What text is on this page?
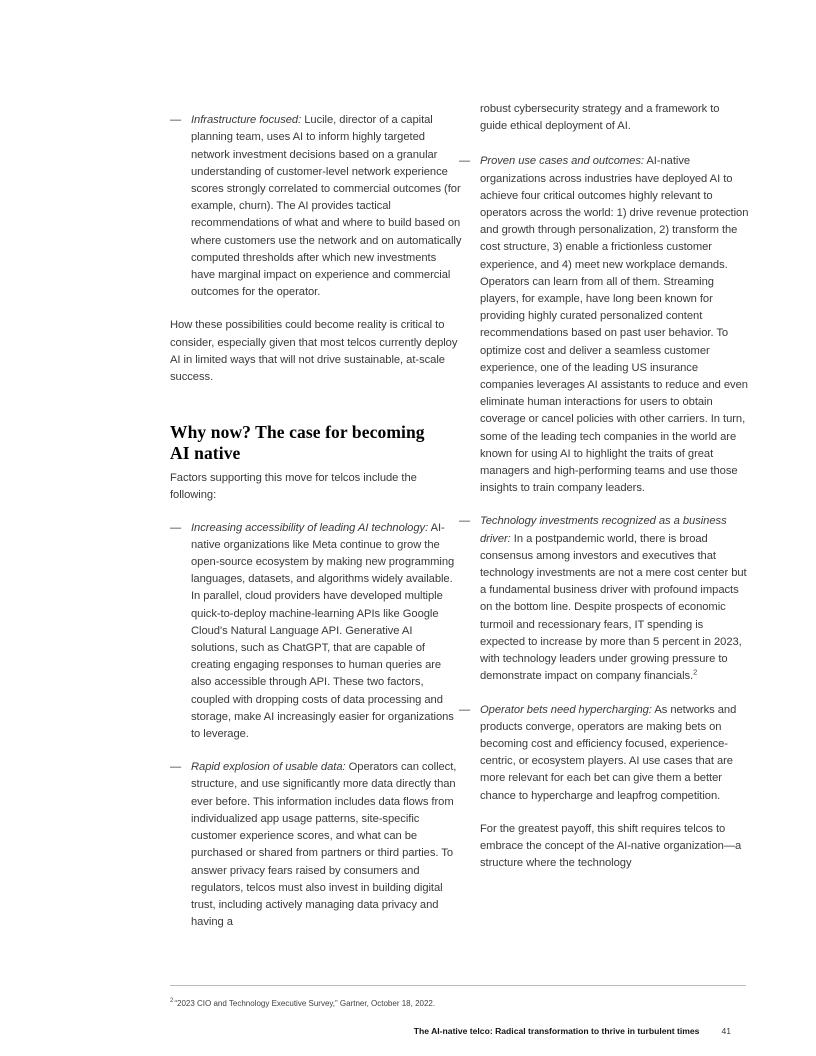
— Infrastructure focused: Lucile, director of a capital planning team, uses AI to inform highly targeted network investment decisions based on a granular understanding of customer-level network experience scores strongly correlated to commercial outcomes (for example, churn). The AI provides tactical recommendations of what and where to build based on where customers use the network and on automatically computed thresholds after which new investments have marginal impact on experience and commercial outcomes for the operator.

How these possibilities could become reality is critical to consider, especially given that most telcos currently deploy AI in limited ways that will not drive sustainable, at-scale success.

Why now? The case for becoming
AI native

Factors supporting this move for telcos include the following:

— Increasing accessibility of leading AI technology: AI-native organizations like Meta continue to grow the open-source ecosystem by making new programming languages, datasets, and algorithms widely available. In parallel, cloud providers have developed multiple quick-to-deploy machine-learning APIs like Google Cloud's Natural Language API. Generative AI solutions, such as ChatGPT, that are capable of creating engaging responses to human queries are also accessible through API. These two factors, coupled with dropping costs of data processing and storage, make AI increasingly easier for organizations to leverage.

— Rapid explosion of usable data: Operators can collect, structure, and use significantly more data directly than ever before. This information includes data flows from individualized app usage patterns, site-specific customer experience scores, and what can be purchased or shared from partners or third parties. To answer privacy fears raised by consumers and regulators, telcos must also invest in building digital trust, including actively managing data privacy and having a

robust cybersecurity strategy and a framework to guide ethical deployment of AI.

— Proven use cases and outcomes: AI-native organizations across industries have deployed AI to achieve four critical outcomes highly relevant to operators across the world: 1) drive revenue protection and growth through personalization, 2) transform the cost structure, 3) enable a frictionless customer experience, and 4) meet new workplace demands. Operators can learn from all of them. Streaming players, for example, have long been known for providing highly curated personalized content recommendations based on past user behavior. To optimize cost and deliver a seamless customer experience, one of the leading US insurance companies leverages AI assistants to reduce and even eliminate human interactions for users to obtain coverage or cancel policies with other carriers. In turn, some of the leading tech companies in the world are known for using AI to highlight the traits of great managers and high-performing teams and use those insights to train company leaders.

— Technology investments recognized as a business driver: In a postpandemic world, there is broad consensus among investors and executives that technology investments are not a mere cost center but a fundamental business driver with profound impacts on the bottom line. Despite prospects of economic turmoil and recessionary fears, IT spending is expected to increase by more than 5 percent in 2023, with technology leaders under growing pressure to demonstrate impact on company financials.$^2$

— Operator bets need hypercharging: As networks and products converge, operators are making bets on becoming cost and efficiency focused, experience-centric, or ecosystem players. AI use cases that are more relevant for each bet can give them a better chance to hypercharge and leapfrog competition.

For the greatest payoff, this shift requires telcos to embrace the concept of the AI-native organization—a structure where the technology

$^2$“2023 CIO and Technology Executive Survey,” Gartner, October 18, 2022.

The AI-native telco: Radical transformation to thrive in turbulent times	41
